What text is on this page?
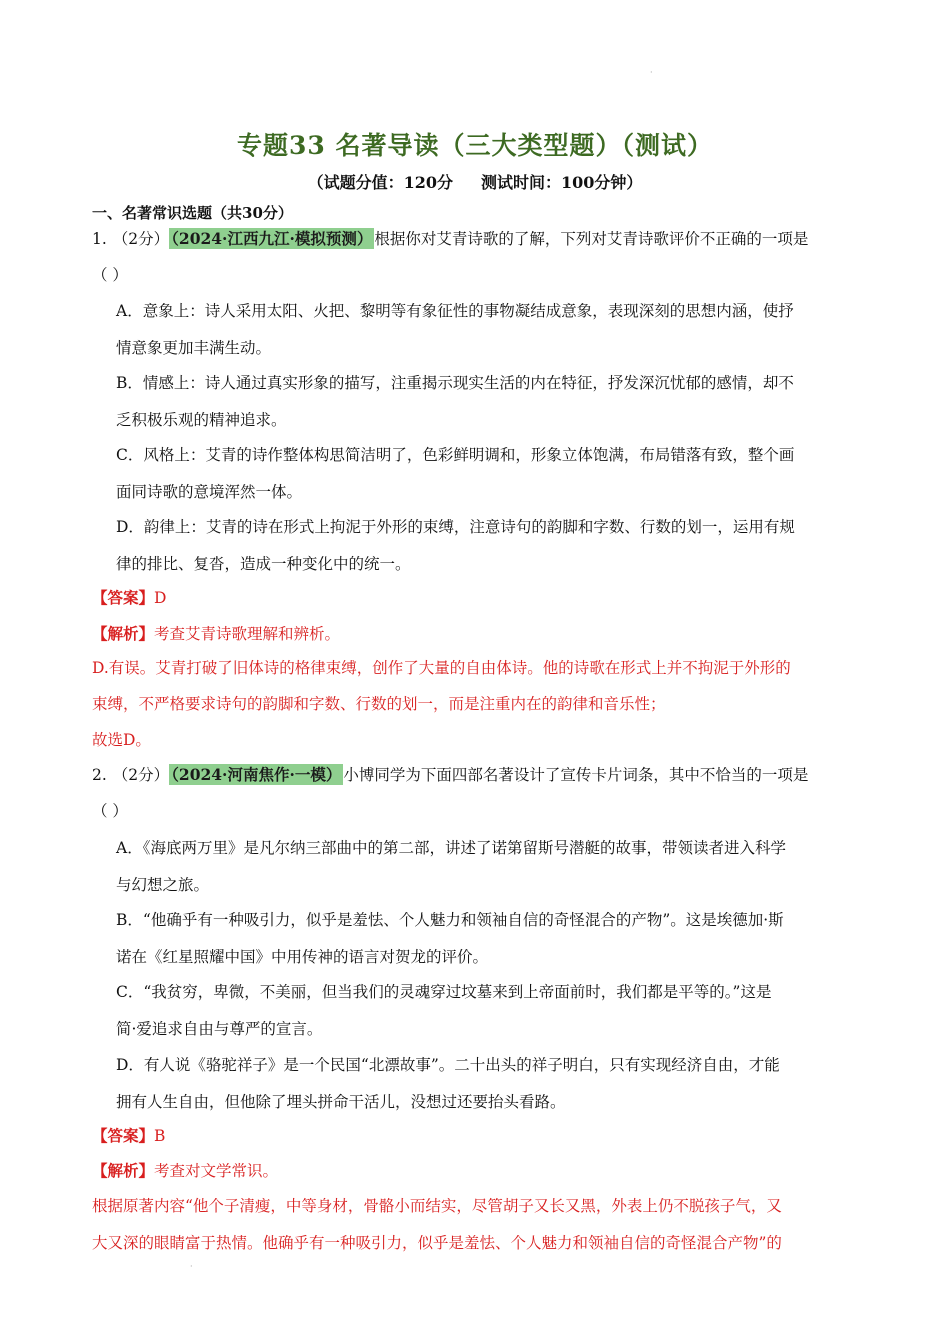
·
专题33 名著导读（三大类型题）（测试）
（试题分值：120分 测试时间：100分钟）
一、名著常识选题（共30分）
1. （2分） （2024·江西九江·模拟预测） 根据你对艾青诗歌的了解，下列对艾青诗歌评价不正确的一项是
（ ）
A．意象上：诗人采用太阳、火把、黎明等有象征性的事物凝结成意象，表现深刻的思想内涵，使抒
情意象更加丰满生动。
B．情感上：诗人通过真实形象的描写，注重揭示现实生活的内在特征，抒发深沉忧郁的感情，却不
乏积极乐观的精神追求。
C．风格上：艾青的诗作整体构思简洁明了，色彩鲜明调和，形象立体饱满，布局错落有致，整个画
面同诗歌的意境浑然一体。
D．韵律上：艾青的诗在形式上拘泥于外形的束缚，注意诗句的韵脚和字数、行数的划一，运用有规
律的排比、复沓，造成一种变化中的统一。
【答案】D
【解析】考查艾青诗歌理解和辨析。
D.有误。艾青打破了旧体诗的格律束缚，创作了大量的自由体诗。他的诗歌在形式上并不拘泥于外形的
束缚，不严格要求诗句的韵脚和字数、行数的划一，而是注重内在的韵律和音乐性；
故选D。
2. （2分） （2024·河南焦作·一模） 小博同学为下面四部名著设计了宣传卡片词条，其中不恰当的一项是
（ ）
A．《海底两万里》是凡尔纳三部曲中的第二部，讲述了诺第留斯号潜艇的故事，带领读者进入科学
与幻想之旅。
B．“他确乎有一种吸引力，似乎是羞怯、个人魅力和领袖自信的奇怪混合的产物”。这是埃德加·斯
诺在《红星照耀中国》中用传神的语言对贺龙的评价。
C．“我贫穷，卑微，不美丽，但当我们的灵魂穿过坟墓来到上帝面前时，我们都是平等的。”这是
简·爱追求自由与尊严的宣言。
D．有人说《骆驼祥子》是一个民国“北漂故事”。二十出头的祥子明白，只有实现经济自由，才能
拥有人生自由，但他除了埋头拼命干活儿，没想过还要抬头看路。
【答案】B
【解析】考查对文学常识。
根据原著内容“他个子清瘦，中等身材，骨骼小而结实，尽管胡子又长又黑，外表上仍不脱孩子气，又
大又深的眼睛富于热情。他确乎有一种吸引力，似乎是羞怯、个人魅力和领袖自信的奇怪混合产物”的
·
